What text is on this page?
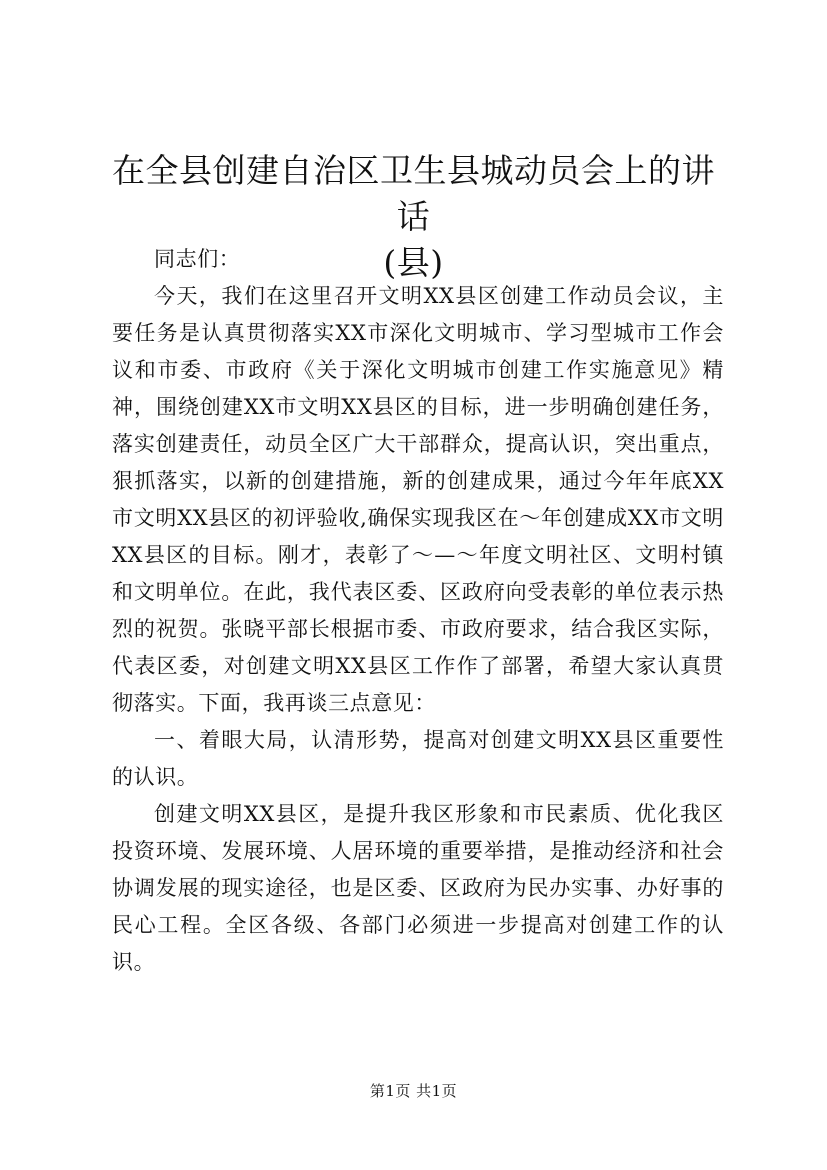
在全县创建自治区卫生县城动员会上的讲话
(县)

同志们：

今天，我们在这里召开文明XX县区创建工作动员会议，主要任务是认真贯彻落实XX市深化文明城市、学习型城市工作会议和市委、市政府《关于深化文明城市创建工作实施意见》精神，围绕创建XX市文明XX县区的目标，进一步明确创建任务，落实创建责任，动员全区广大干部群众，提高认识，突出重点，狠抓落实，以新的创建措施，新的创建成果，通过今年年底XX市文明XX县区的初评验收,确保实现我区在～年创建成XX市文明XX县区的目标。刚才，表彰了～—～年度文明社区、文明村镇和文明单位。在此，我代表区委、区政府向受表彰的单位表示热烈的祝贺。张晓平部长根据市委、市政府要求，结合我区实际，代表区委，对创建文明XX县区工作作了部署，希望大家认真贯彻落实。下面，我再谈三点意见：

一、着眼大局，认清形势，提高对创建文明XX县区重要性的认识。

创建文明XX县区，是提升我区形象和市民素质、优化我区投资环境、发展环境、人居环境的重要举措，是推动经济和社会协调发展的现实途径，也是区委、区政府为民办实事、办好事的民心工程。全区各级、各部门必须进一步提高对创建工作的认识。

第1页 共1页
